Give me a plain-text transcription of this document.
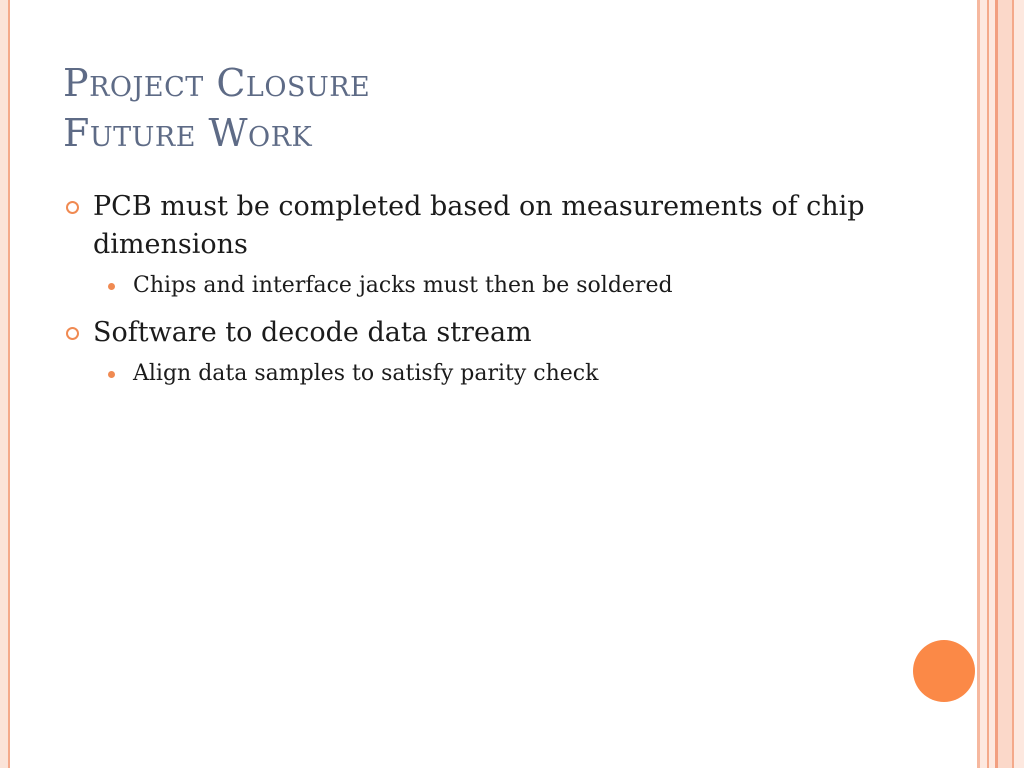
Project Closure
Future Work
PCB must be completed based on measurements of chip dimensions
Chips and interface jacks must then be soldered
Software to decode data stream
Align data samples to satisfy parity check
